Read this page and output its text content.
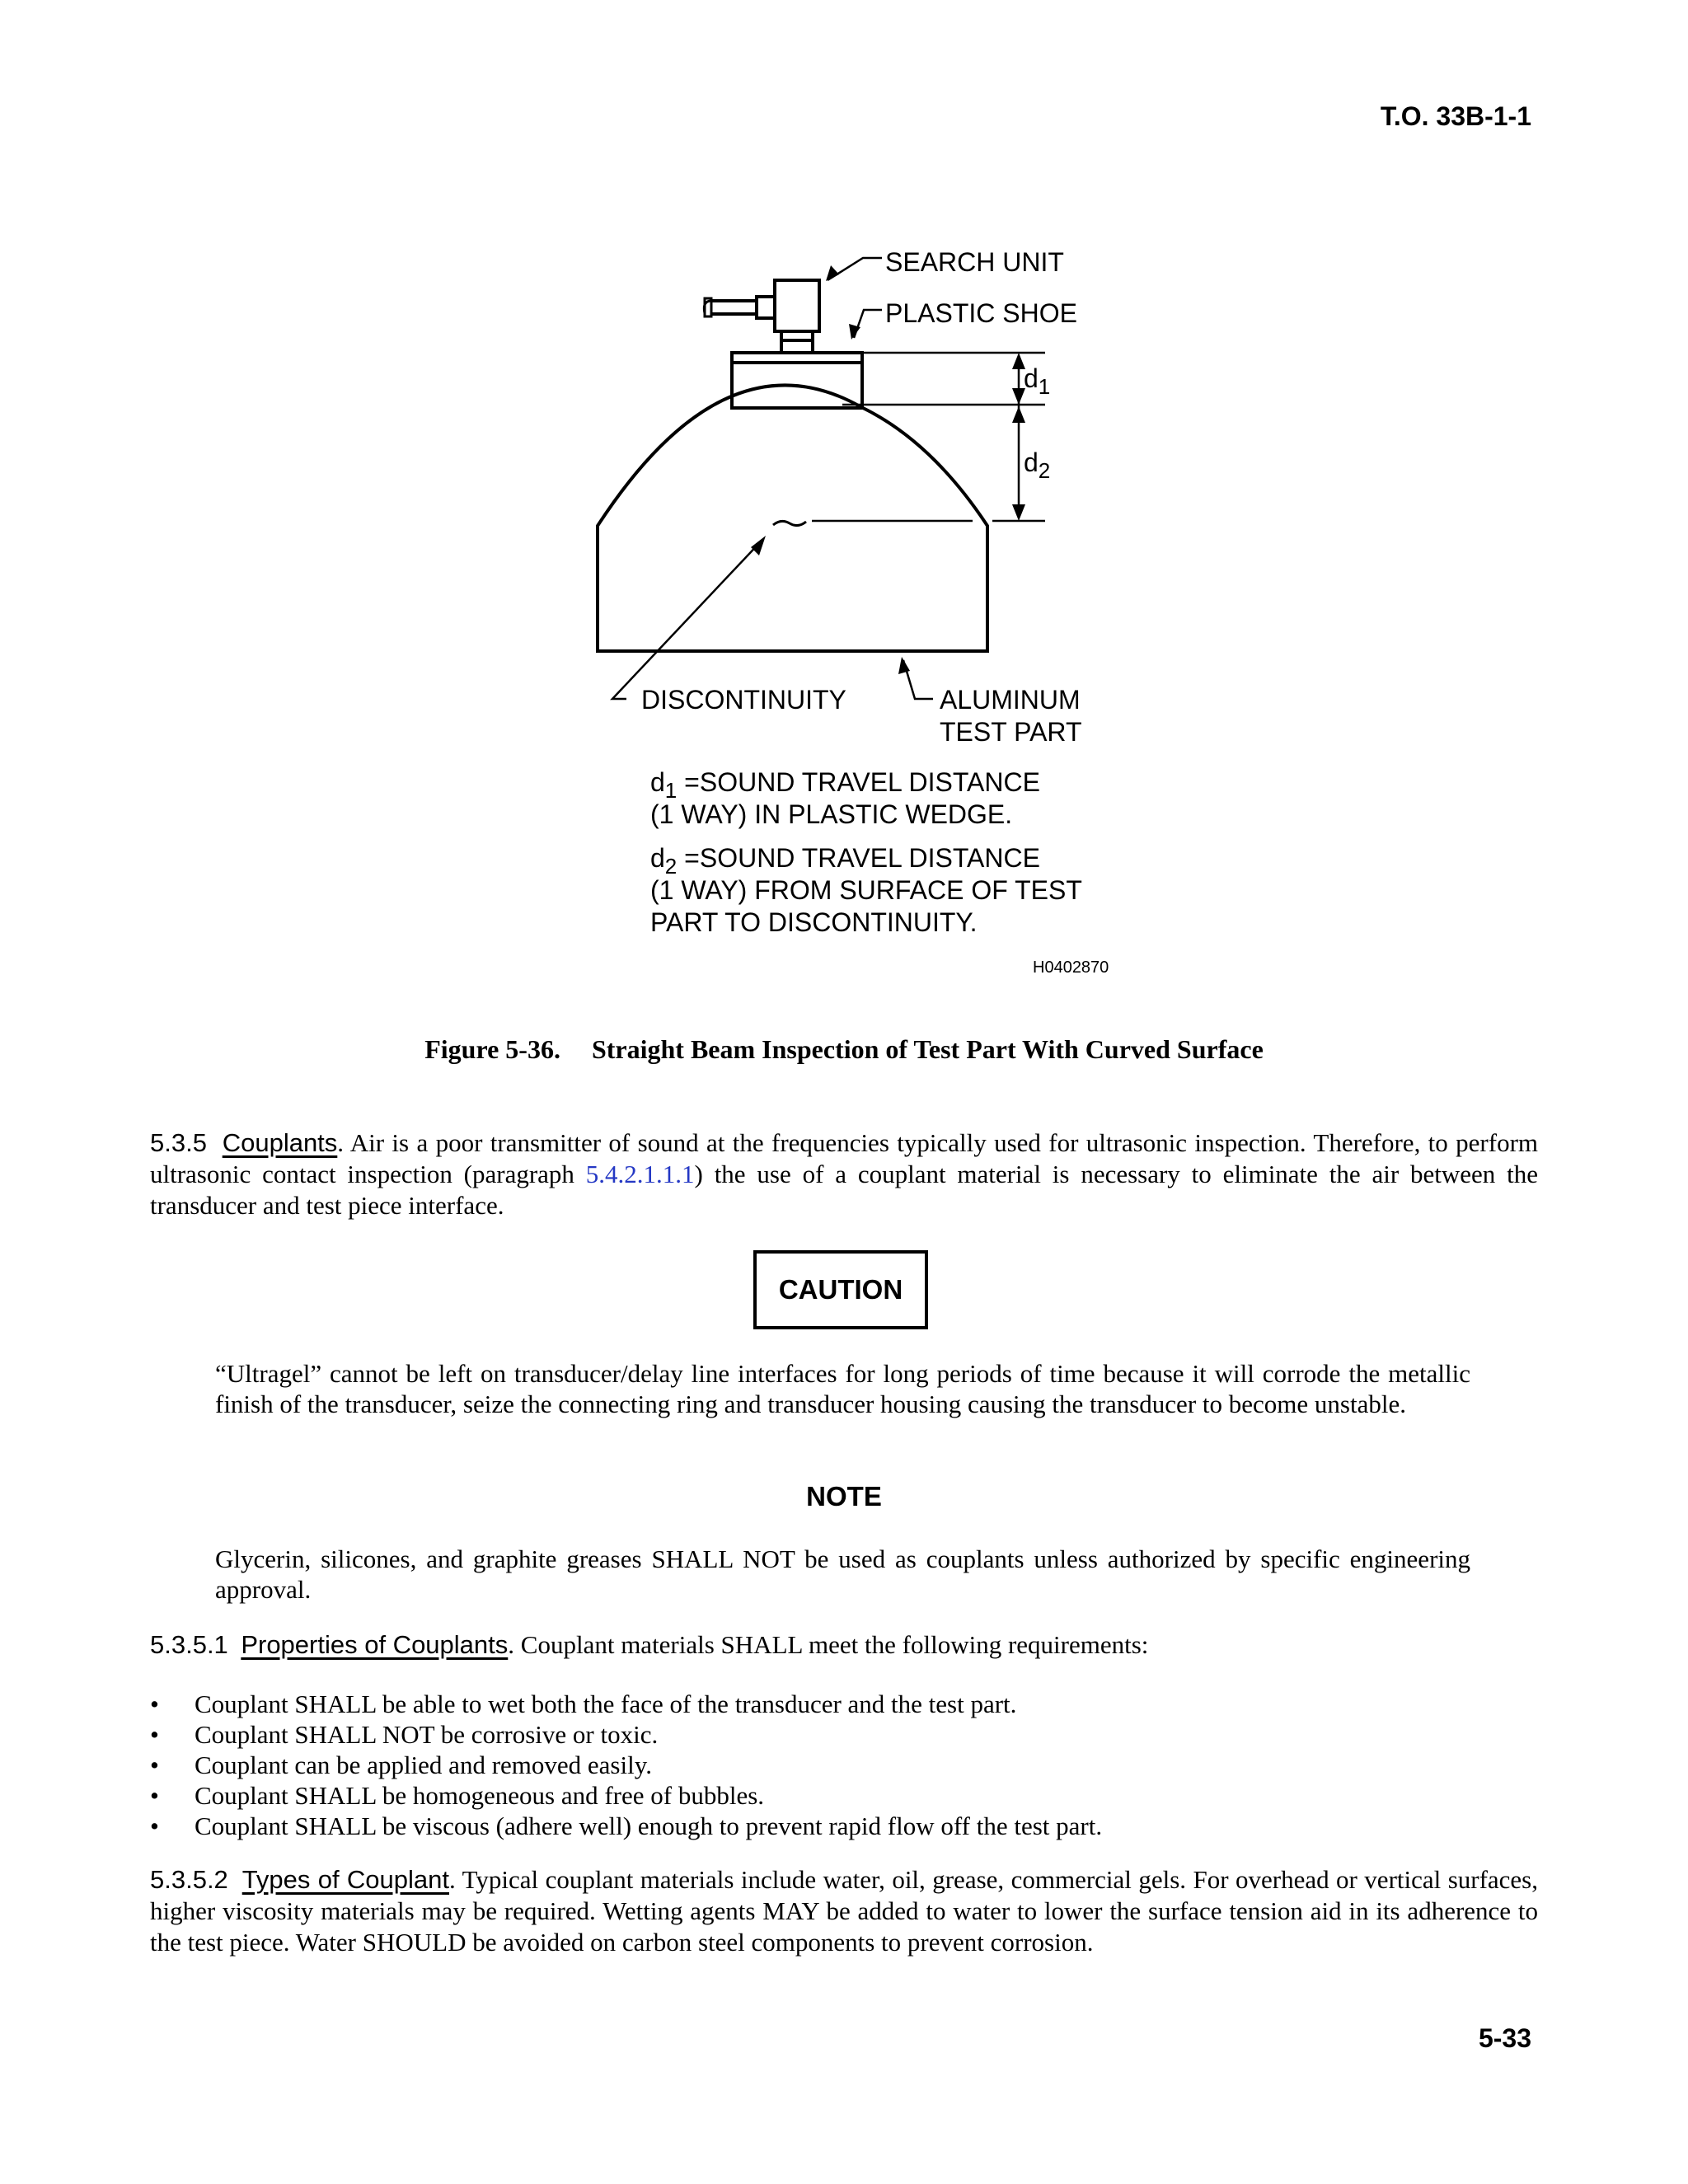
T.O. 33B-1-1
SEARCH UNIT
PLASTIC SHOE
$d_1$
$d_2$
DISCONTINUITY	ALUMINUM
TEST PART
$d_1$ =SOUND TRAVEL DISTANCE
(1 WAY) IN PLASTIC WEDGE.
$d_2$ =SOUND TRAVEL DISTANCE
(1 WAY) FROM SURFACE OF TEST
PART TO DISCONTINUITY.
H0402870
Figure 5-36. Straight Beam Inspection of Test Part With Curved Surface
5.3.5 Couplants. Air is a poor transmitter of sound at the frequencies typically used for ultrasonic inspection. Therefore, to perform ultrasonic contact inspection (paragraph 5.4.2.1.1.1) the use of a couplant material is necessary to eliminate the air between the transducer and test piece interface.
CAUTION
“Ultragel” cannot be left on transducer/delay line interfaces for long periods of time because it will corrode the metallic finish of the transducer, seize the connecting ring and transducer housing causing the transducer to become unstable.
NOTE
Glycerin, silicones, and graphite greases SHALL NOT be used as couplants unless authorized by specific engineering approval.
5.3.5.1 Properties of Couplants. Couplant materials SHALL meet the following requirements:
• Couplant SHALL be able to wet both the face of the transducer and the test part.
• Couplant SHALL NOT be corrosive or toxic.
• Couplant can be applied and removed easily.
• Couplant SHALL be homogeneous and free of bubbles.
• Couplant SHALL be viscous (adhere well) enough to prevent rapid flow off the test part.
5.3.5.2 Types of Couplant. Typical couplant materials include water, oil, grease, commercial gels. For overhead or vertical surfaces, higher viscosity materials may be required. Wetting agents MAY be added to water to lower the surface tension aid in its adherence to the test piece. Water SHOULD be avoided on carbon steel components to prevent corrosion.
5-33
